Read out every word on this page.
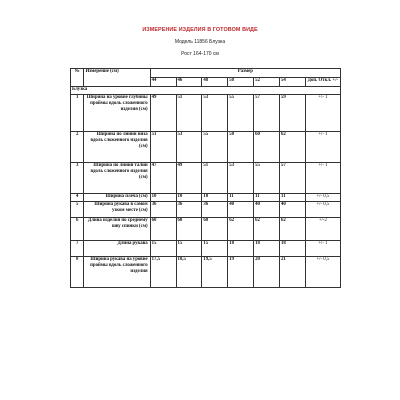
ИЗМЕРЕНИЕ ИЗДЕЛИЯ В ГОТОВОМ ВИДЕ
Модель 11856 Блузка
Рост 164-170 см
№	Измерение (см)	Размер						
		44	46	48	50	52	54	Доп. Откл. +/-
Блузка								
1	Ширина на уровне глубины проймы вдоль сложенного изделия (см)	49	51	53	55	57	59	+/- 1
2	Ширина по линии низа вдоль сложенного изделия (см)	51	53	55	58	60	62	+/- 1
3	Ширина по линии талии вдоль сложенного изделия (см)	47	49	51	53	55	57	+/- 1
4	Ширина плеча (см)	10	10	10	11	11	11	+/- 0,5
5	Ширина рукава в самом узком месте (см)	36	36	36	40	40	40	+/- 0,5
6	Длина изделия по среднему шву спинки (см)	60	60	60	62	62	62	+/-2
7	Длина рукава	15	15	15	18	18	18	+/- 1
8	Ширина рукава на уровне проймы вдоль сложенного изделия	17,5	18,5	19,5	19	20	21	+/- 0,5
